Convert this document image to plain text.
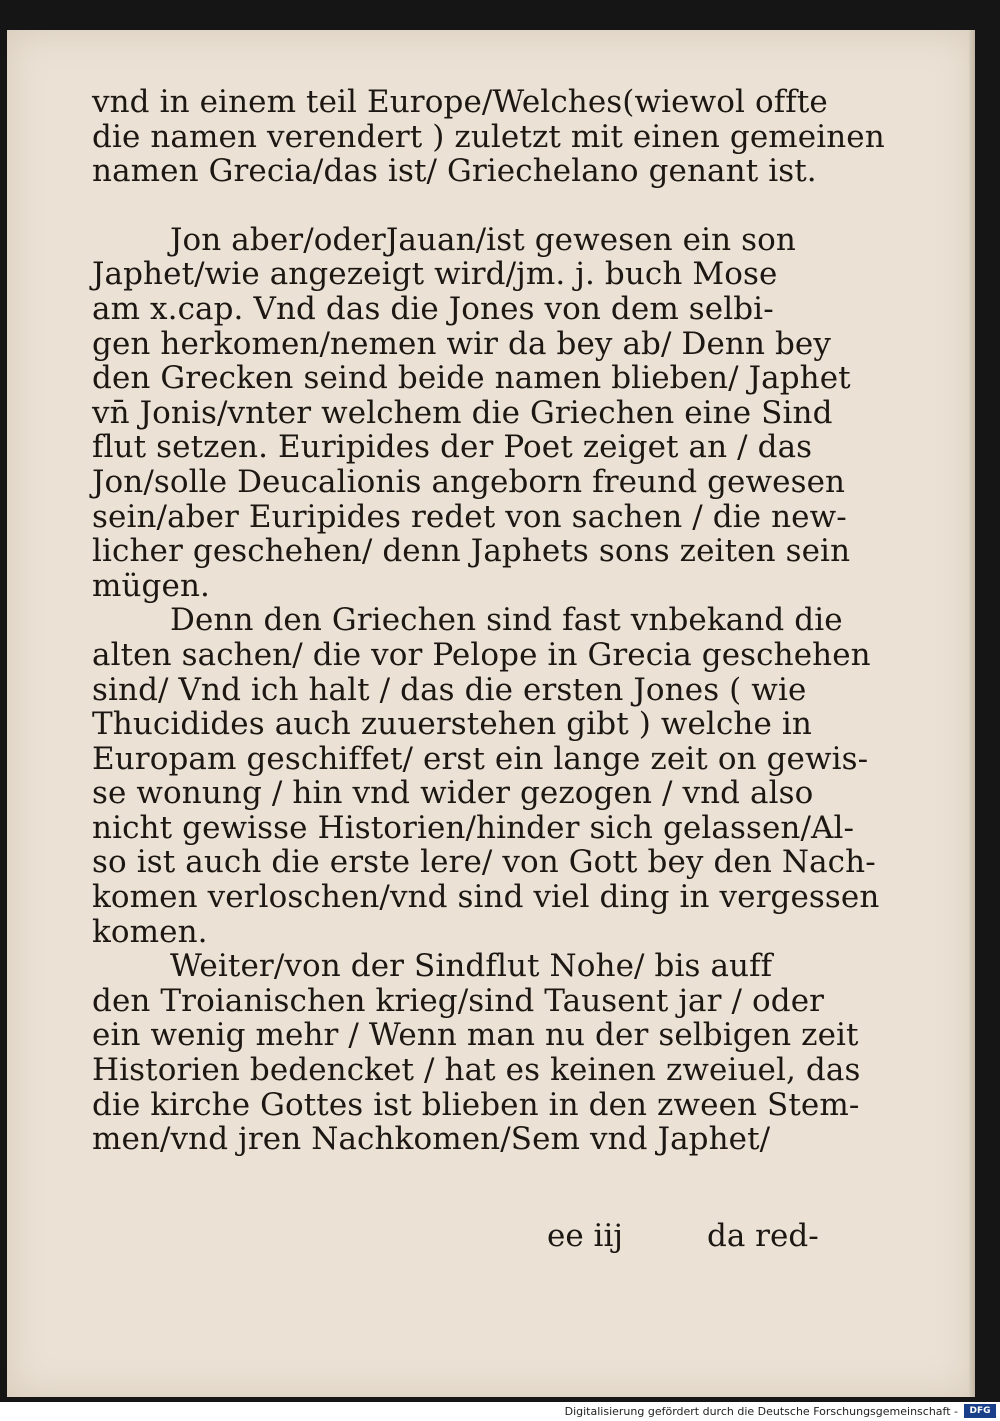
vnd in einem teil Europe/Welches(wiewol offte
die namen verendert ) zuletzt mit einen gemeinen
namen Grecia/das ist/ Griechelano genant ist.
Jon aber/oderJauan/ist gewesen ein son
Japhet/wie angezeigt wird/jm. j. buch Mose
am x.cap. Vnd das die Jones von dem selbi-
gen herkomen/nemen wir da bey ab/ Denn bey
den Grecken seind beide namen blieben/ Japhet
vn̄ Jonis/vnter welchem die Griechen eine Sind
flut setzen. Euripides der Poet zeiget an / das
Jon/solle Deucalionis angeborn freund gewesen
sein/aber Euripides redet von sachen / die new-
licher geschehen/ denn Japhets sons zeiten sein
mügen.
Denn den Griechen sind fast vnbekand die
alten sachen/ die vor Pelope in Grecia geschehen
sind/ Vnd ich halt / das die ersten Jones ( wie
Thucidides auch zuuerstehen gibt ) welche in
Europam geschiffet/ erst ein lange zeit on gewis-
se wonung / hin vnd wider gezogen / vnd also
nicht gewisse Historien/hinder sich gelassen/Al-
so ist auch die erste lere/ von Gott bey den Nach-
komen verloschen/vnd sind viel ding in vergessen
komen.
Weiter/von der Sindflut Nohe/ bis auff
den Troianischen krieg/sind Tausent jar / oder
ein wenig mehr / Wenn man nu der selbigen zeit
Historien bedencket / hat es keinen zweiuel, das
die kirche Gottes ist blieben in den zween Stem-
men/vnd jren Nachkomen/Sem vnd Japhet/
ee iij	da red-
Digitalisierung gefördert durch die Deutsche Forschungsgemeinschaft -	DFG
